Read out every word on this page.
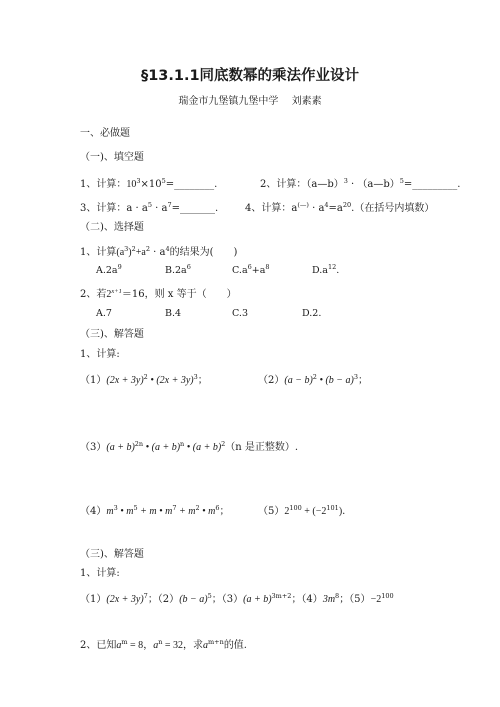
§13.1.1同底数幂的乘法作业设计
瑞金市九堡镇九堡中学　 刘素素
一、必做题
（一)、填空题
1、计算：$10^3\times 10^5=\_\_\_\_\_\_\_\_$.	2、计算：（a—b）$^3$ · （a—b）$^5$=_________.
3、计算：$a \cdot a^5$ · $a^7=\_\_\_\_\_\_\_$.	4、计算：$a^{(—)} \cdot a^4=a^{20}$.（在括号内填数）
（二)、选择题
1、计算$(a^3)^2+a^2 \cdot a^4$的结果为(　　)
$A.2a^9$	$B.2a^6$	$C.a^6+a^8$	$D.a^{12}$.
2、若$2^{x+1}=16$，则 x 等于（　　）
A.7	B.4	C.3	D.2.
（三)、解答题
1、计算:
$(1)(2x + 3y)^2$ • $(2x + 3y)^3$；	$(2)(a - b)^2$ • $(b - a)^3$；
$(3)(a + b)^{2n}$ • $(a + b)^n$ • $(a + b)^2(n$ 是正整数）.
$(4)m^3$ • $m^5 + m$ • $m^7 + m^2$ • $m^6$；	$(5)2^{100} + (-2^{101})$.
（三)、解答题
1、计算:
$(1)(2x + 3y)^7$；$(2)(b - a)^5$；$(3)(a + b)^{3m+2}$；$(4)3m^8$；$(5)-2^{100}$
2、已知$a^m = 8$，$a^n = 32$，求$a^{m+n}$的值.
